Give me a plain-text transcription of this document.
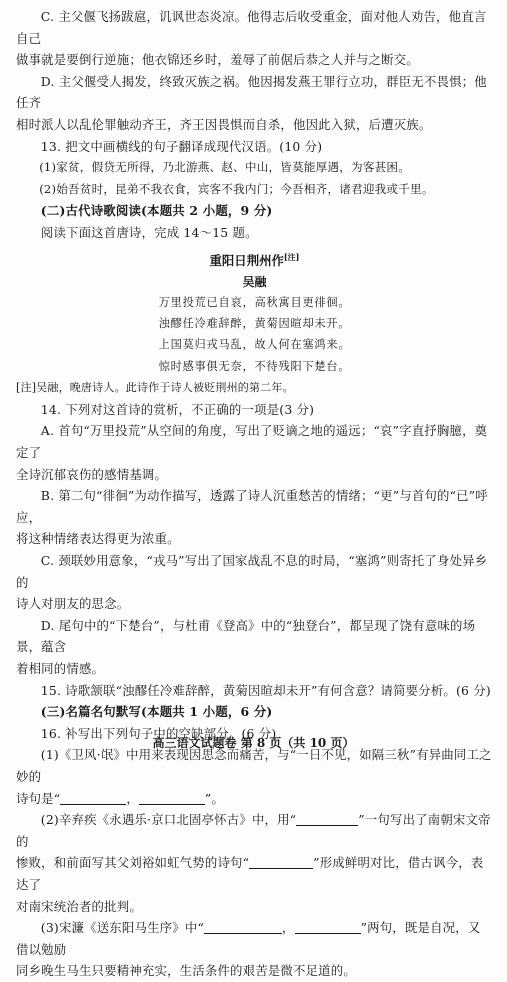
C. 主父偃飞扬跋扈，讥讽世态炎凉。他得志后收受重金，面对他人劝告，他直言自己

做事就是要倒行逆施；他衣锦还乡时，羞辱了前倨后恭之人并与之断交。

D. 主父偃受人揭发，终致灭族之祸。他因揭发燕王罪行立功，群臣无不畏惧；他任齐

相时派人以乱伦罪触动齐王，齐王因畏惧而自杀，他因此入狱，后遭灭族。

13. 把文中画横线的句子翻译成现代汉语。(10 分)

(1)家贫，假贷无所得，乃北游燕、赵、中山，皆莫能厚遇，为客甚困。

(2)始吾贫时，昆弟不我衣食，宾客不我内门；今吾相齐，诸君迎我或千里。

(二)古代诗歌阅读(本题共 2 小题，9 分)

阅读下面这首唐诗，完成 14～15 题。

重阳日荆州作[注]
吴融

万里投荒已自哀，高秋寓目更徘徊。

浊醪任冷难辞醉，黄菊因暄却未开。

上国莫归戎马乱，故人何在塞鸿来。

惊时感事俱无奈，不待残阳下楚台。

[注]吴融，晚唐诗人。此诗作于诗人被贬荆州的第二年。

14. 下列对这首诗的赏析，不正确的一项是(3 分)

A. 首句“万里投荒”从空间的角度，写出了贬谪之地的遥远；“哀”字直抒胸臆，奠定了

全诗沉郁哀伤的感情基调。

B. 第二句“徘徊”为动作描写，透露了诗人沉重愁苦的情绪；“更”与首句的“已”呼应，

将这种情绪表达得更为浓重。

C. 颈联妙用意象，“戎马”写出了国家战乱不息的时局，“塞鸿”则寄托了身处异乡的

诗人对朋友的思念。

D. 尾句中的“下楚台”，与杜甫《登高》中的“独登台”，都呈现了饶有意味的场景，蕴含

着相同的情感。

15. 诗歌颔联“浊醪任冷难辞醉，黄菊因暄却未开”有何含意？请简要分析。(6 分)

(三)名篇名句默写(本题共 1 小题，6 分)

16. 补写出下列句子中的空缺部分。(6 分)

(1)《卫风·氓》中用来表现因思念而痛苦，与“一日不见，如隔三秋”有异曲同工之妙的

诗句是“	，	”。

(2)辛弃疾《永遇乐·京口北固亭怀古》中，用“	”一句写出了南朝宋文帝的

惨败，和前面写其父刘裕如虹气势的诗句“	”形成鲜明对比，借古讽今，表达了

对南宋统治者的批判。

(3)宋濂《送东阳马生序》中“	，	”两句，既是自况，又借以勉励

同乡晚生马生只要精神充实，生活条件的艰苦是微不足道的。

高三语文试题卷 第 8 页（共 10 页）
